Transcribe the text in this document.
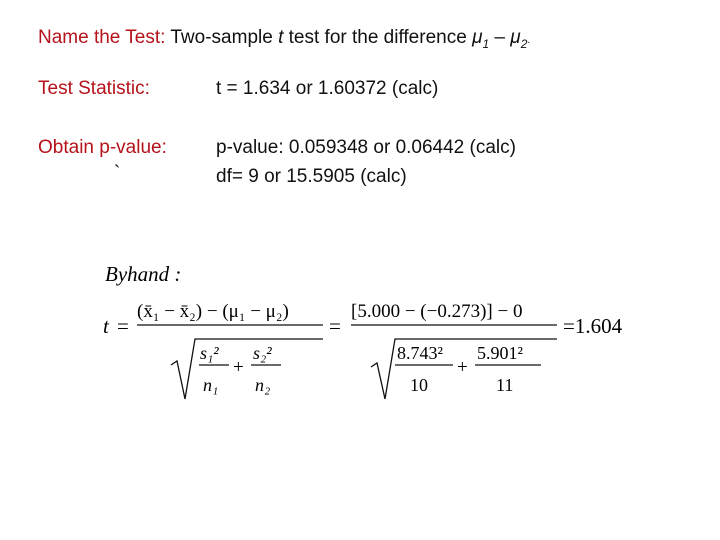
Name the Test: Two-sample t test for the difference $\mu_1 - \mu_2$.
Test Statistic:	t = 1.634 or 1.60372 (calc)
Obtain p-value:	p-value: 0.059348 or 0.06442 (calc)
`	df= 9 or 15.5905 (calc)
Byhand :
t =
(x̄₁ − x̄₂) − (μ₁ − μ₂)
s₁²
n₁
+
s₂²
n₂
=
[5.000 − (−0.273)] − 0
8.743²
10
+
5.901²
11
=1.604
